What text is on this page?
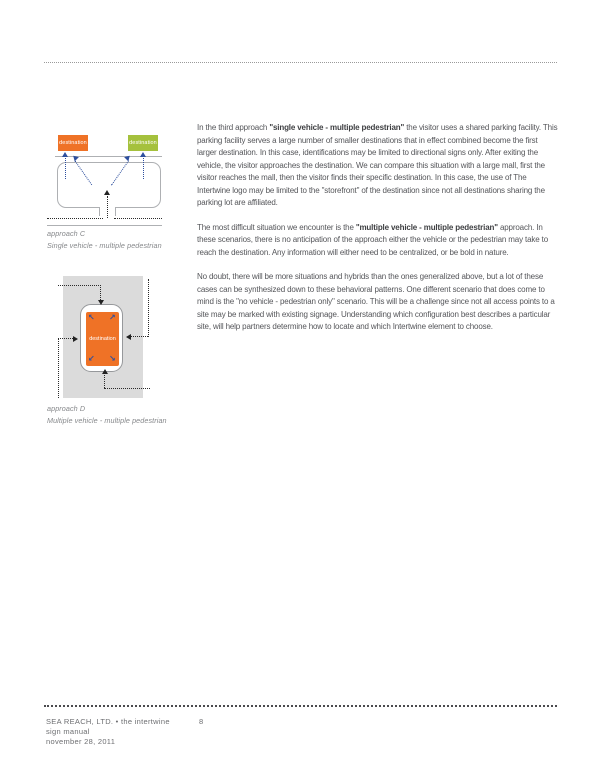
destination	destination
approach C
Single vehicle - multiple pedestrian
destination
↖ ↗
↙ ↘
approach D
Multiple vehicle - multiple pedestrian

In the third approach "single vehicle - multiple pedestrian" the visitor uses a shared parking facility. This parking facility serves a large number of smaller destinations that in effect combined become the first larger destination. In this case, identifications may be limited to directional signs only. After exiting the vehicle, the visitor approaches the destination. We can compare this situation with a large mall, first the visitor reaches the mall, then the visitor finds their specific destination. In this case, the use of The Intertwine logo may be limited to the "storefront" of the destination since not all destinations sharing the parking lot are affiliated.

The most difficult situation we encounter is the "multiple vehicle - multiple pedestrian" approach. In these scenarios, there is no anticipation of the approach either the vehicle or the pedestrian may take to reach the destination. Any information will either need to be centralized, or be bold in nature.

No doubt, there will be more situations and hybrids than the ones generalized above, but a lot of these cases can be synthesized down to these behavioral patterns. One different scenario that does come to mind is the "no vehicle - pedestrian only" scenario. This will be a challenge since not all access points to a site may be marked with existing signage. Understanding which configuration best describes a particular site, will help partners determine how to locate and which Intertwine element to choose.

SEA REACH, LTD. • the intertwine
sign manual
november 28, 2011
8
